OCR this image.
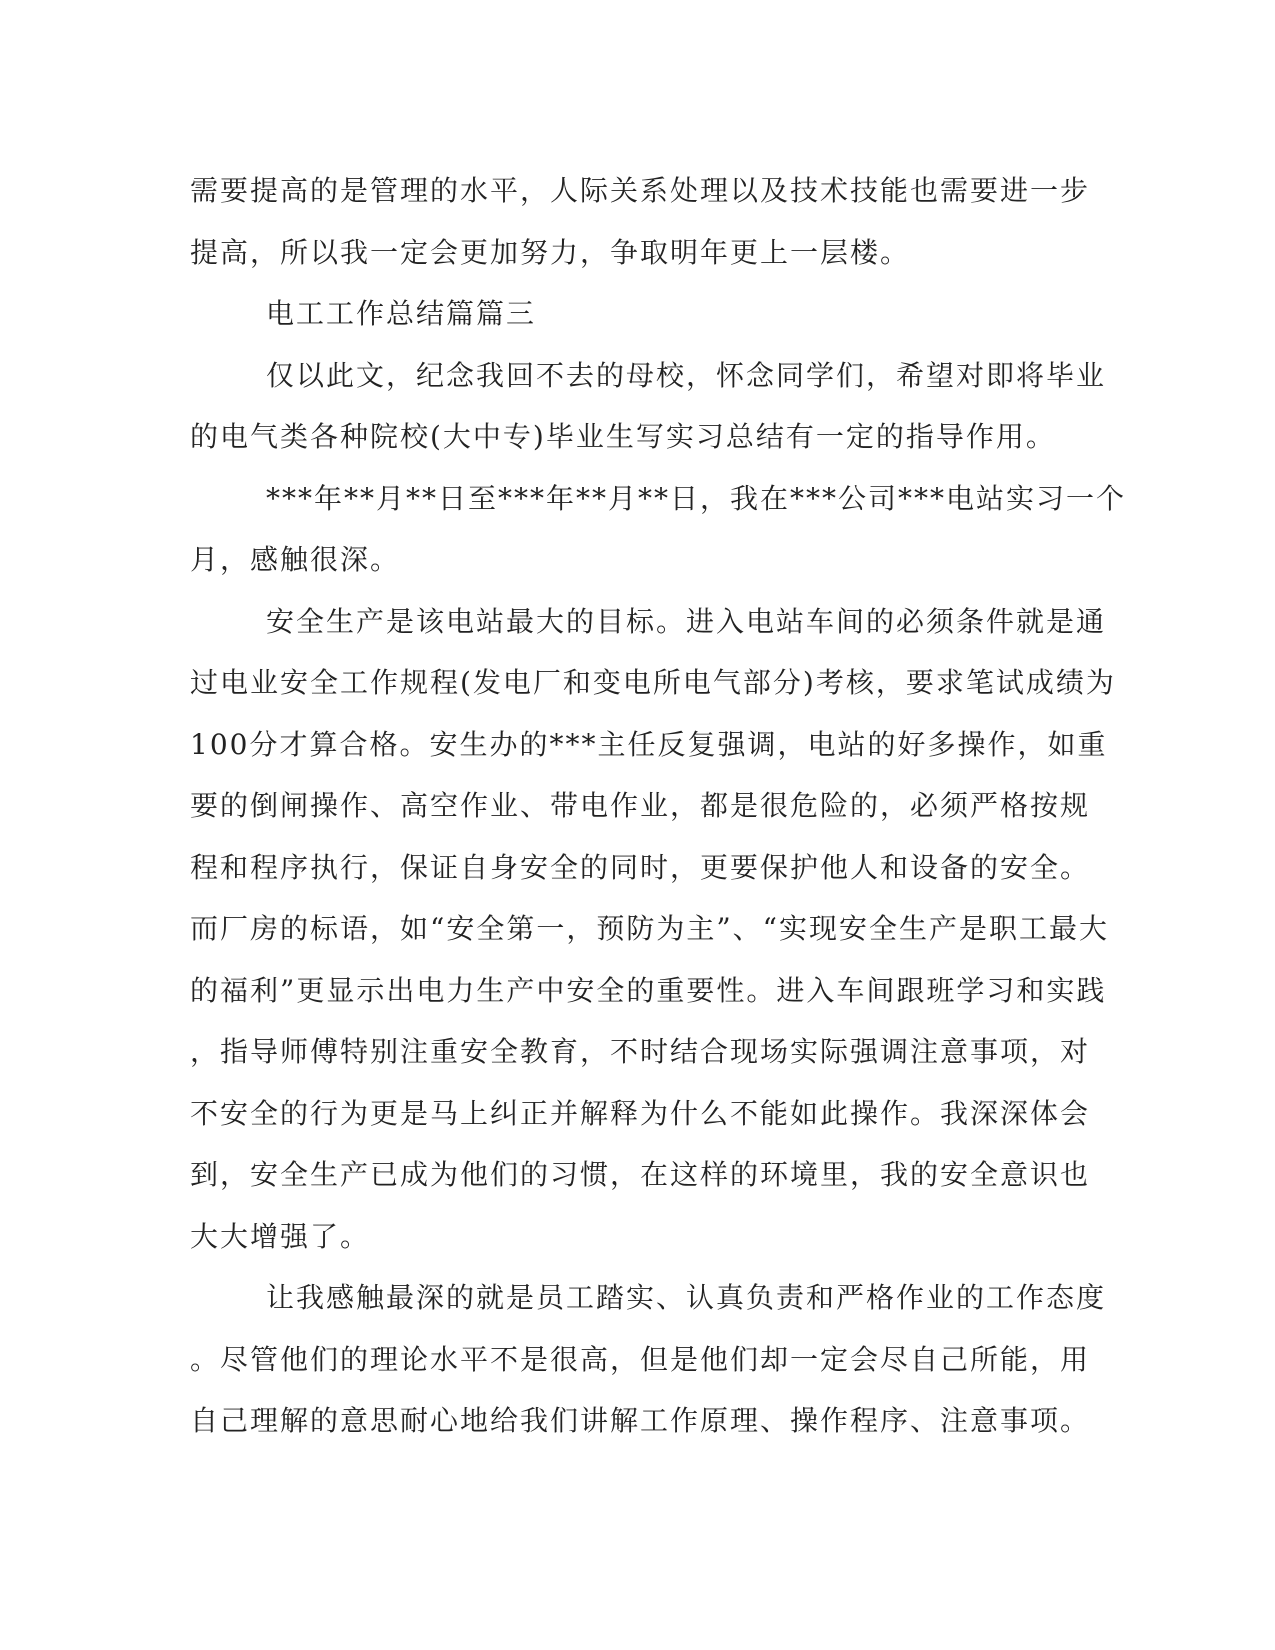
需要提高的是管理的水平，人际关系处理以及技术技能也需要进一步
提高，所以我一定会更加努力，争取明年更上一层楼。
电工工作总结篇篇三
仅以此文，纪念我回不去的母校，怀念同学们，希望对即将毕业
的电气类各种院校(大中专)毕业生写实习总结有一定的指导作用。
***年**月**日至***年**月**日，我在***公司***电站实习一个
月，感触很深。
安全生产是该电站最大的目标。进入电站车间的必须条件就是通
过电业安全工作规程(发电厂和变电所电气部分)考核，要求笔试成绩为
100分才算合格。安生办的***主任反复强调，电站的好多操作，如重
要的倒闸操作、高空作业、带电作业，都是很危险的，必须严格按规
程和程序执行，保证自身安全的同时，更要保护他人和设备的安全。
而厂房的标语，如“安全第一，预防为主”、“实现安全生产是职工最大
的福利”更显示出电力生产中安全的重要性。进入车间跟班学习和实践
，指导师傅特别注重安全教育，不时结合现场实际强调注意事项，对
不安全的行为更是马上纠正并解释为什么不能如此操作。我深深体会
到，安全生产已成为他们的习惯，在这样的环境里，我的安全意识也
大大增强了。
让我感触最深的就是员工踏实、认真负责和严格作业的工作态度
。尽管他们的理论水平不是很高，但是他们却一定会尽自己所能，用
自己理解的意思耐心地给我们讲解工作原理、操作程序、注意事项。
